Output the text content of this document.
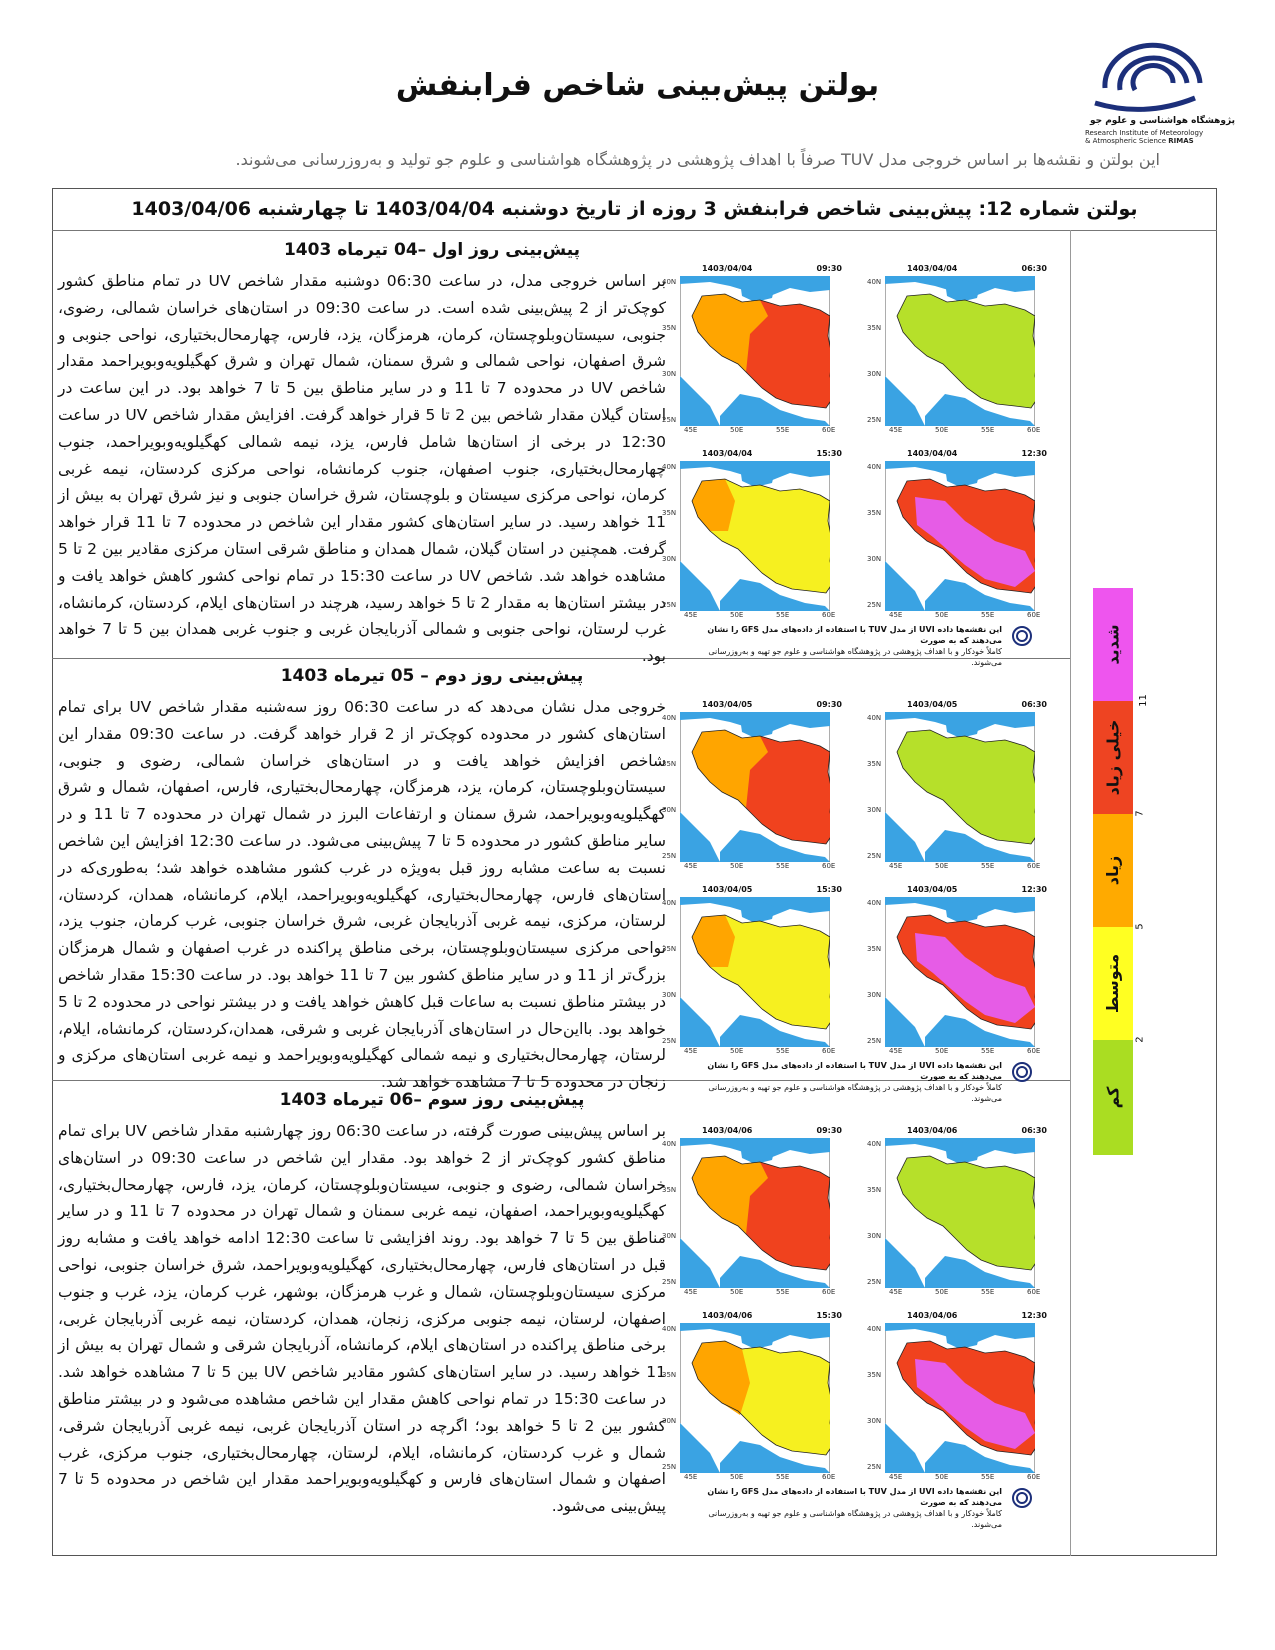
بولتن پیش‌بینی شاخص فرابنفش
پژوهشگاه هواشناسی و علوم جو
Research Institute of Meteorology
& Atmospheric Science RIMAS
این بولتن و نقشه‌ها بر اساس خروجی مدل TUV صرفاً با اهداف پژوهشی در پژوهشگاه هواشناسی و علوم جو تولید و به‌روزرسانی می‌شوند.
بولتن شماره 12: پیش‌بینی شاخص فرابنفش 3 روزه از تاریخ دوشنبه 1403/04/04 تا چهارشنبه 1403/04/06
پیش‌بینی روز اول –04 تیرماه 1403

بر اساس خروجی مدل، در ساعت 06:30 دوشنبه مقدار شاخص UV در تمام مناطق کشور کوچک‌تر از 2 پیش‌بینی شده است. در ساعت 09:30 در استان‌های خراسان شمالی، رضوی، جنوبی، سیستان‌وبلوچستان، کرمان، هرمزگان، یزد، فارس، چهارمحال‌بختیاری، نواحی جنوبی و شرق اصفهان، نواحی شمالی و شرق سمنان، شمال تهران و شرق کهگیلویه‌وبویراحمد مقدار شاخص UV در محدوده 7 تا 11 و در سایر مناطق بین 5 تا 7 خواهد بود. در این ساعت در استان گیلان مقدار شاخص بین 2 تا 5 قرار خواهد گرفت. افزایش مقدار شاخص UV در ساعت 12:30 در برخی از استان‌ها شامل فارس، یزد، نیمه شمالی کهگیلویه‌وبویراحمد، جنوب چهارمحال‌بختیاری، جنوب اصفهان، جنوب کرمانشاه، نواحی مرکزی کردستان، نیمه غربی کرمان، نواحی مرکزی سیستان و بلوچستان، شرق خراسان جنوبی و نیز شرق تهران به بیش از 11 خواهد رسید. در سایر استان‌های کشور مقدار این شاخص در محدوده 7 تا 11 قرار خواهد گرفت. همچنین در استان گیلان، شمال همدان و مناطق شرقی استان مرکزی مقادیر بین 2 تا 5 مشاهده خواهد شد. شاخص UV در ساعت 15:30 در تمام نواحی کشور کاهش خواهد یافت و در بیشتر استان‌ها به مقدار 2 تا 5 خواهد رسید، هرچند در استان‌های ایلام، کردستان، کرمانشاه، غرب لرستان، نواحی جنوبی و شمالی آذربایجان غربی و جنوب غربی همدان بین 5 تا 7 خواهد بود.

پیش‌بینی روز دوم – 05 تیرماه 1403

خروجی مدل نشان می‌دهد که در ساعت 06:30 روز سه‌شنبه مقدار شاخص UV برای تمام استان‌های کشور در محدوده کوچک‌تر از 2 قرار خواهد گرفت. در ساعت 09:30 مقدار این شاخص افزایش خواهد یافت و در استان‌های خراسان شمالی، رضوی و جنوبی، سیستان‌وبلوچستان، کرمان، یزد، هرمزگان، چهارمحال‌بختیاری، فارس، اصفهان، شمال و شرق کهگیلویه‌وبویراحمد، شرق سمنان و ارتفاعات البرز در شمال تهران در محدوده 7 تا 11 و در سایر مناطق کشور در محدوده 5 تا 7 پیش‌بینی می‌شود. در ساعت 12:30 افزایش این شاخص نسبت به ساعت مشابه روز قبل به‌ویژه در غرب کشور مشاهده خواهد شد؛ به‌طوری‌که در استان‌های فارس، چهارمحال‌بختیاری، کهگیلویه‌وبویراحمد، ایلام، کرمانشاه، همدان، کردستان، لرستان، مرکزی، نیمه غربی آذربایجان غربی، شرق خراسان جنوبی، غرب کرمان، جنوب یزد، نواحی مرکزی سیستان‌وبلوچستان، برخی مناطق پراکنده در غرب اصفهان و شمال هرمزگان بزرگ‌تر از 11 و در سایر مناطق کشور بین 7 تا 11 خواهد بود. در ساعت 15:30 مقدار شاخص در بیشتر مناطق نسبت به ساعات قبل کاهش خواهد یافت و در بیشتر نواحی در محدوده 2 تا 5 خواهد بود. بااین‌حال در استان‌های آذربایجان غربی و شرقی، همدان،کردستان، کرمانشاه، ایلام، لرستان، چهارمحال‌بختیاری و نیمه شمالی کهگیلویه‌وبویراحمد و نیمه غربی استان‌های مرکزی و زنجان در محدوده 5 تا 7 مشاهده خواهد شد.

پیش‌بینی روز سوم –06 تیرماه 1403

بر اساس پیش‌بینی صورت گرفته، در ساعت 06:30 روز چهارشنبه مقدار شاخص UV برای تمام مناطق کشور کوچک‌تر از 2 خواهد بود. مقدار این شاخص در ساعت 09:30 در استان‌های خراسان شمالی، رضوی و جنوبی، سیستان‌وبلوچستان، کرمان، یزد، فارس، چهارمحال‌بختیاری، کهگیلویه‌وبویراحمد، اصفهان، نیمه غربی سمنان و شمال تهران در محدوده 7 تا 11 و در سایر مناطق بین 5 تا 7 خواهد بود. روند افزایشی تا ساعت 12:30 ادامه خواهد یافت و مشابه روز قبل در استان‌های فارس، چهارمحال‌بختیاری، کهگیلویه‌وبویراحمد، شرق خراسان جنوبی، نواحی مرکزی سیستان‌وبلوچستان، شمال و غرب هرمزگان، بوشهر، غرب کرمان، یزد، غرب و جنوب اصفهان، لرستان، نیمه جنوبی مرکزی، زنجان، همدان، کردستان، نیمه غربی آذربایجان غربی، برخی مناطق پراکنده در استان‌های ایلام، کرمانشاه، آذربایجان شرقی و شمال تهران به بیش از 11 خواهد رسید. در سایر استان‌های کشور مقادیر شاخص UV بین 5 تا 7 مشاهده خواهد شد. در ساعت 15:30 در تمام نواحی کاهش مقدار این شاخص مشاهده می‌شود و در بیشتر مناطق کشور بین 2 تا 5 خواهد بود؛ اگرچه در استان آذربایجان غربی، نیمه غربی آذربایجان شرقی، شمال و غرب کردستان، کرمانشاه، ایلام، لرستان، چهارمحال‌بختیاری، جنوب مرکزی، غرب اصفهان و شمال استان‌های فارس و کهگیلویه‌وبویراحمد مقدار این شاخص در محدوده 5 تا 7 پیش‌بینی می‌شود.

1403/04/04	09:30
40N
35N
30N
25N
45E	50E	55E	60E
1403/04/04	06:30
40N
35N
30N
25N
45E	50E	55E	60E
1403/04/04	15:30
40N
35N
30N
25N
45E	50E	55E	60E
1403/04/04	12:30
40N
35N
30N
25N
45E	50E	55E	60E
این نقشه‌ها داده UVI از مدل TUV با استفاده از داده‌های مدل GFS را نشان می‌دهند که به صورت
کاملاً خودکار و با اهداف پژوهشی در پژوهشگاه هواشناسی و علوم جو تهیه و به‌روزرسانی می‌شوند.
1403/04/05	09:30
40N
35N
30N
25N
45E	50E	55E	60E
1403/04/05	06:30
40N
35N
30N
25N
45E	50E	55E	60E
1403/04/05	15:30
40N
35N
30N
25N
45E	50E	55E	60E
1403/04/05	12:30
40N
35N
30N
25N
45E	50E	55E	60E
این نقشه‌ها داده UVI از مدل TUV با استفاده از داده‌های مدل GFS را نشان می‌دهند که به صورت
کاملاً خودکار و با اهداف پژوهشی در پژوهشگاه هواشناسی و علوم جو تهیه و به‌روزرسانی می‌شوند.
1403/04/06	09:30
40N
35N
30N
25N
45E	50E	55E	60E
1403/04/06	06:30
40N
35N
30N
25N
45E	50E	55E	60E
1403/04/06	15:30
40N
35N
30N
25N
45E	50E	55E	60E
1403/04/06	12:30
40N
35N
30N
25N
45E	50E	55E	60E
این نقشه‌ها داده UVI از مدل TUV با استفاده از داده‌های مدل GFS را نشان می‌دهند که به صورت
کاملاً خودکار و با اهداف پژوهشی در پژوهشگاه هواشناسی و علوم جو تهیه و به‌روزرسانی می‌شوند.
شدید
خیلی زیاد
زیاد
متوسط
کم
11
7
5
2
